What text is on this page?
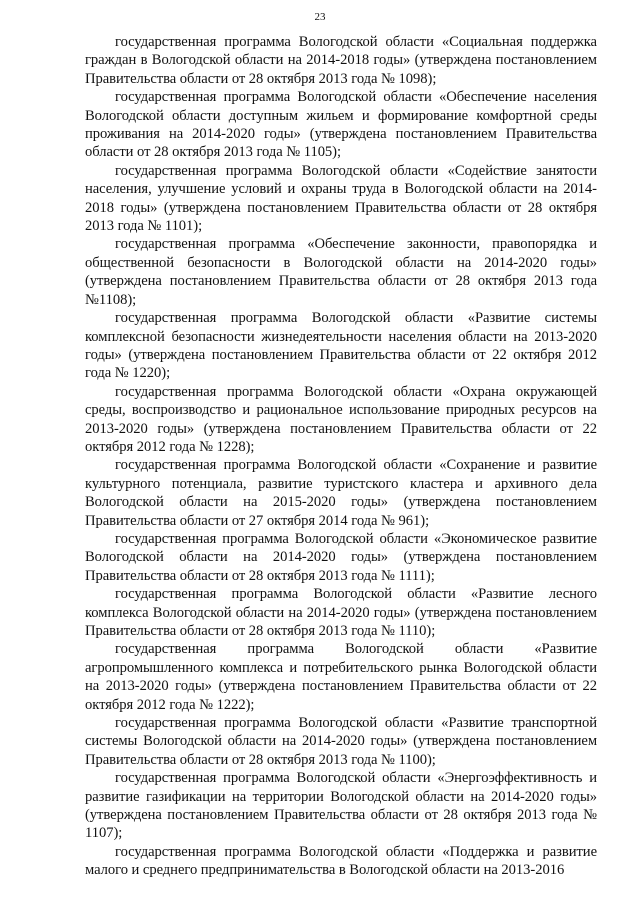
23

государственная программа Вологодской области «Социальная поддержка граждан в Вологодской области на 2014-2018 годы» (утверждена постановлением Правительства области от 28 октября 2013 года № 1098);

государственная программа Вологодской области «Обеспечение населения Вологодской области доступным жильем и формирование комфортной среды проживания на 2014-2020 годы» (утверждена постановлением Правительства области от 28 октября 2013 года № 1105);

государственная программа Вологодской области «Содействие занятости населения, улучшение условий и охраны труда в Вологодской области на 2014-2018 годы» (утверждена постановлением Правительства области от 28 октября 2013 года № 1101);

государственная программа «Обеспечение законности, правопорядка и общественной безопасности в Вологодской области на 2014-2020 годы» (утверждена постановлением Правительства области от 28 октября 2013 года №1108);

государственная программа Вологодской области «Развитие системы комплексной безопасности жизнедеятельности населения области на 2013-2020 годы» (утверждена постановлением Правительства области от 22 октября 2012 года № 1220);

государственная программа Вологодской области «Охрана окружающей среды, воспроизводство и рациональное использование природных ресурсов на 2013-2020 годы» (утверждена постановлением Правительства области от 22 октября 2012 года № 1228);

государственная программа Вологодской области «Сохранение и развитие культурного потенциала, развитие туристского кластера и архивного дела Вологодской области на 2015-2020 годы» (утверждена постановлением Правительства области от 27 октября 2014 года № 961);

государственная программа Вологодской области «Экономическое развитие Вологодской области на 2014-2020 годы» (утверждена постановлением Правительства области от 28 октября 2013 года № 1111);

государственная программа Вологодской области «Развитие лесного комплекса Вологодской области на 2014-2020 годы» (утверждена постановлением Правительства области от 28 октября 2013 года № 1110);

государственная программа Вологодской области «Развитие агропромышленного комплекса и потребительского рынка Вологодской области на 2013-2020 годы» (утверждена постановлением Правительства области от 22 октября 2012 года № 1222);

государственная программа Вологодской области «Развитие транспортной системы Вологодской области на 2014-2020 годы» (утверждена постановлением Правительства области от 28 октября 2013 года № 1100);

государственная программа Вологодской области «Энергоэффективность и развитие газификации на территории Вологодской области на 2014-2020 годы» (утверждена постановлением Правительства области от 28 октября 2013 года № 1107);

государственная программа Вологодской области «Поддержка и развитие малого и среднего предпринимательства в Вологодской области на 2013-2016
